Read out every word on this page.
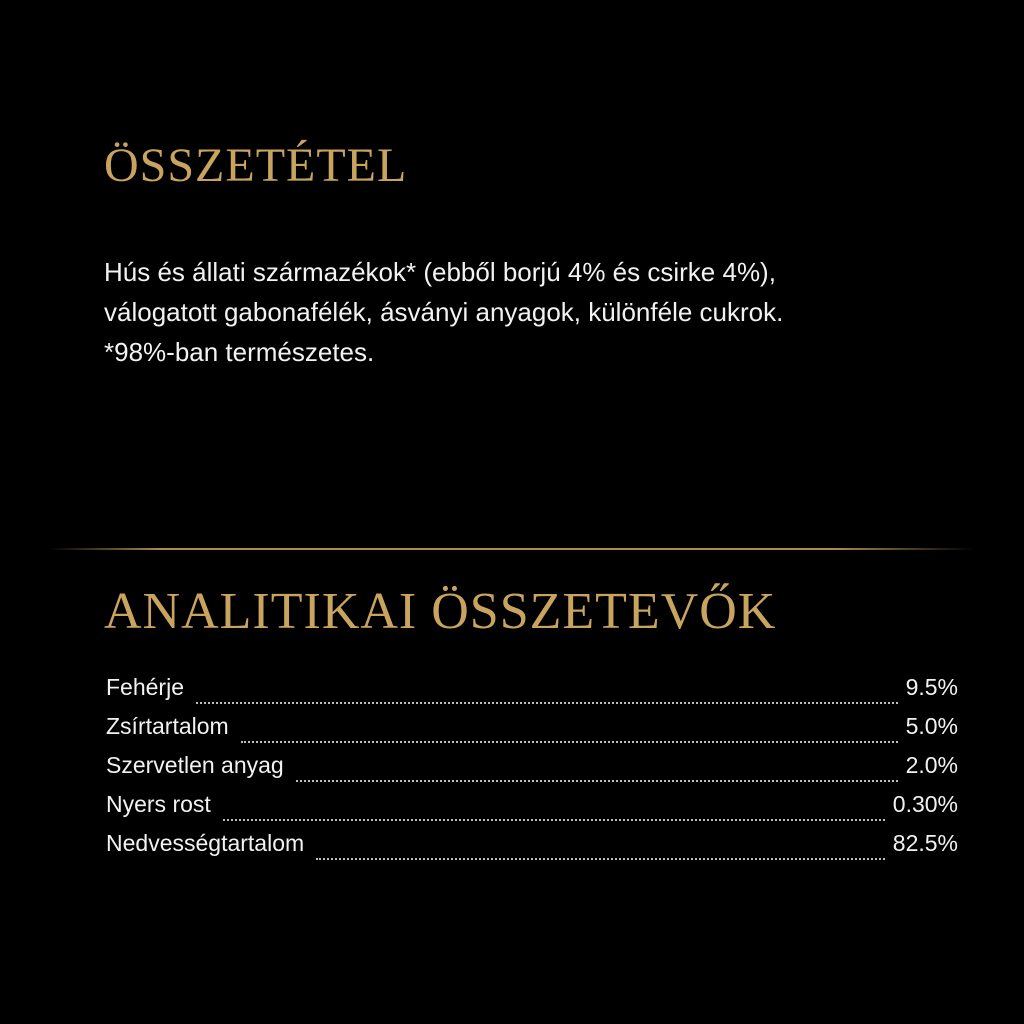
ÖSSZETÉTEL

Hús és állati származékok* (ebből borjú 4% és csirke 4%),
válogatott gabonafélék, ásványi anyagok, különféle cukrok.
*98%-ban természetes.

ANALITIKAI ÖSSZETEVŐK
Fehérje	9.5%
Zsírtartalom	5.0%
Szervetlen anyag	2.0%
Nyers rost	0.30%
Nedvességtartalom	82.5%
